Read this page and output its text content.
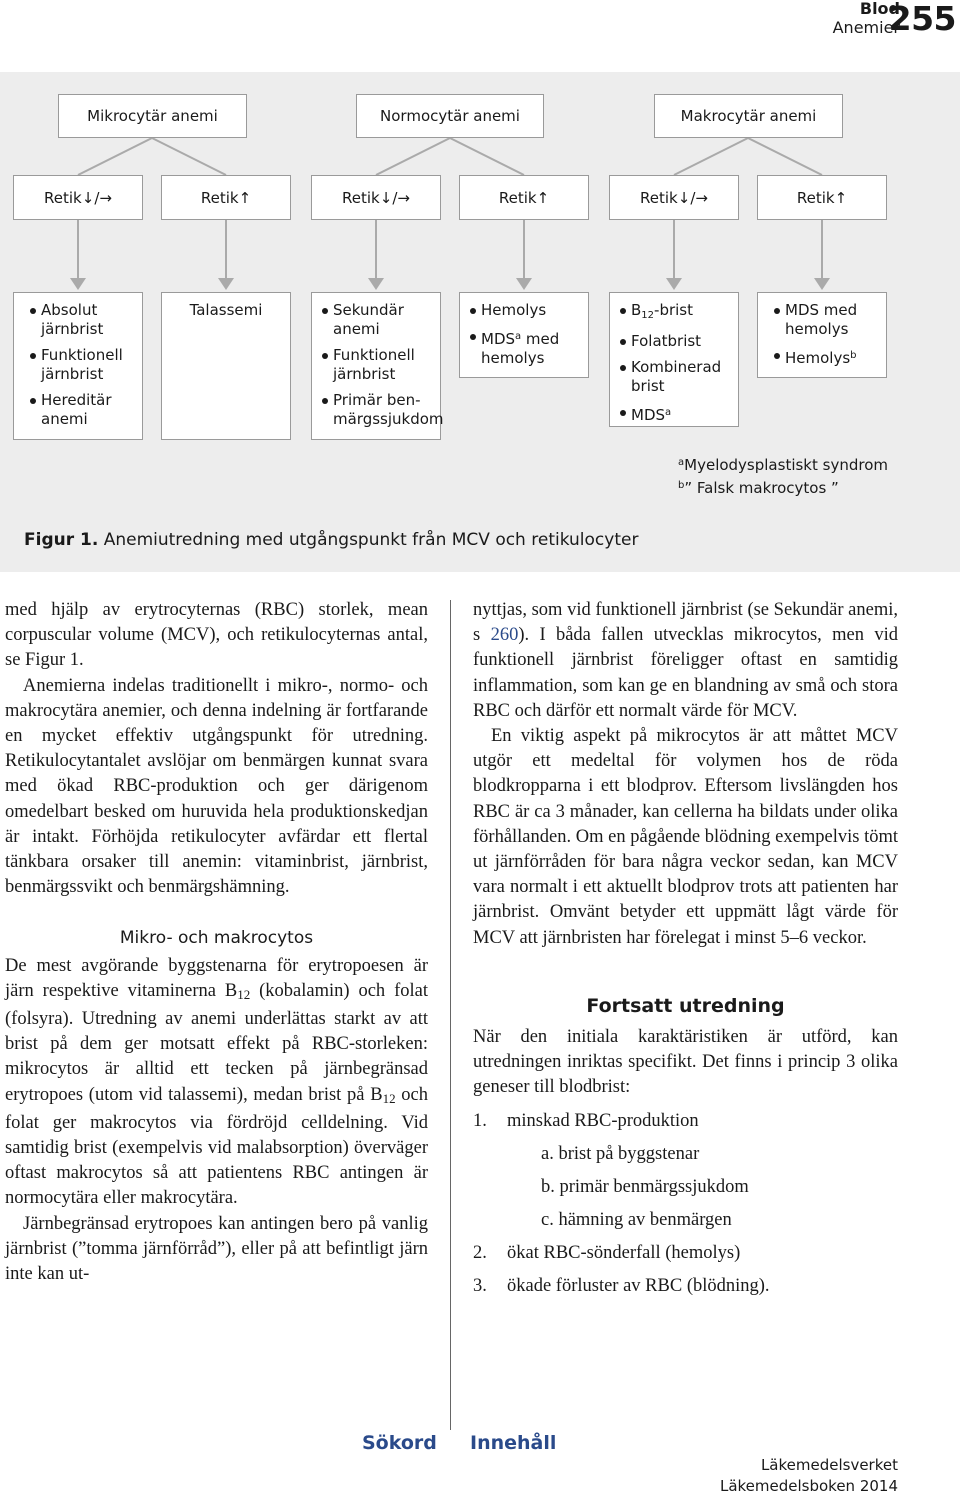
Blod
Anemier
255
Mikrocytär anemi	Normocytär anemi	Makrocytär anemi
Retik ↓/→	Retik ↑	Retik ↓/→	Retik ↑	Retik ↓/→	Retik ↑
Absolut järnbrist
Funktionell järnbrist
Hereditär anemi
Talassemi	Sekundär anemi
Funktionell järnbrist
Primär ben-märgssjukdom
Hemolys
MDS$^a$ med hemolys
$B_{12}$-brist
Folatbrist
Kombinerad brist
MDS$^a$
MDS med hemolys
Hemolys$^b$
$^a$Myelodysplastiskt syndrom
$^b$” Falsk makrocytos ”
Figur 1. Anemiutredning med utgångspunkt från MCV och retikulocyter

med hjälp av erytrocyternas (RBC) storlek, mean corpuscular volume (MCV), och retikulocyternas antal, se Figur 1.

Anemierna indelas traditionellt i mikro-, normo- och makrocytära anemier, och denna indelning är fortfarande en mycket effektiv utgångspunkt för utredning. Retikulocytantalet avslöjar om benmärgen kunnat svara med ökad RBC-produktion och ger därigenom omedelbart besked om huruvida hela produktionskedjan är intakt. Förhöjda retikulocyter avfärdar ett flertal tänkbara orsaker till anemin: vitaminbrist, järnbrist, benmärgssvikt och benmärgshämning.

Mikro- och makrocytos

De mest avgörande byggstenarna för erytropoesen är järn respektive vitaminerna $B_{12}$ (kobalamin) och folat (folsyra). Utredning av anemi underlättas starkt av att brist på dem ger motsatt effekt på RBC-storleken: mikrocytos är alltid ett tecken på järnbegränsad erytropoes (utom vid talassemi), medan brist på $B_{12}$ och folat ger makrocytos via fördröjd celldelning. Vid samtidig brist (exempelvis vid malabsorption) överväger oftast makrocytos så att patientens RBC antingen är normocytära eller makrocytära.

Järnbegränsad erytropoes kan antingen bero på vanlig järnbrist (”tomma järnförråd”), eller på att befintligt järn inte kan ut-

nyttjas, som vid funktionell järnbrist (se Sekundär anemi, s 260). I båda fallen utvecklas mikrocytos, men vid funktionell järnbrist föreligger oftast en samtidig inflammation, som kan ge en blandning av små och stora RBC och därför ett normalt värde för MCV.

En viktig aspekt på mikrocytos är att måttet MCV utgör ett medeltal för volymen hos de röda blodkropparna i ett blodprov. Eftersom livslängden hos RBC är ca 3 månader, kan cellerna ha bildats under olika förhållanden. Om en pågående blödning exempelvis tömt ut järnförråden för bara några veckor sedan, kan MCV vara normalt i ett aktuellt blodprov trots att patienten har järnbrist. Omvänt betyder ett uppmätt lågt värde för MCV att järnbristen har förelegat i minst 5–6 veckor.

Fortsatt utredning

När den initiala karaktäristiken är utförd, kan utredningen inriktas specifikt. Det finns i princip 3 olika geneser till blodbrist:

1. minskad RBC-produktion
a. brist på byggstenar
b. primär benmärgssjukdom
c. hämning av benmärgen
2. ökat RBC-sönderfall (hemolys)
3. ökade förluster av RBC (blödning).
Sökord Innehåll
Läkemedelsverket
Läkemedelsboken 2014
